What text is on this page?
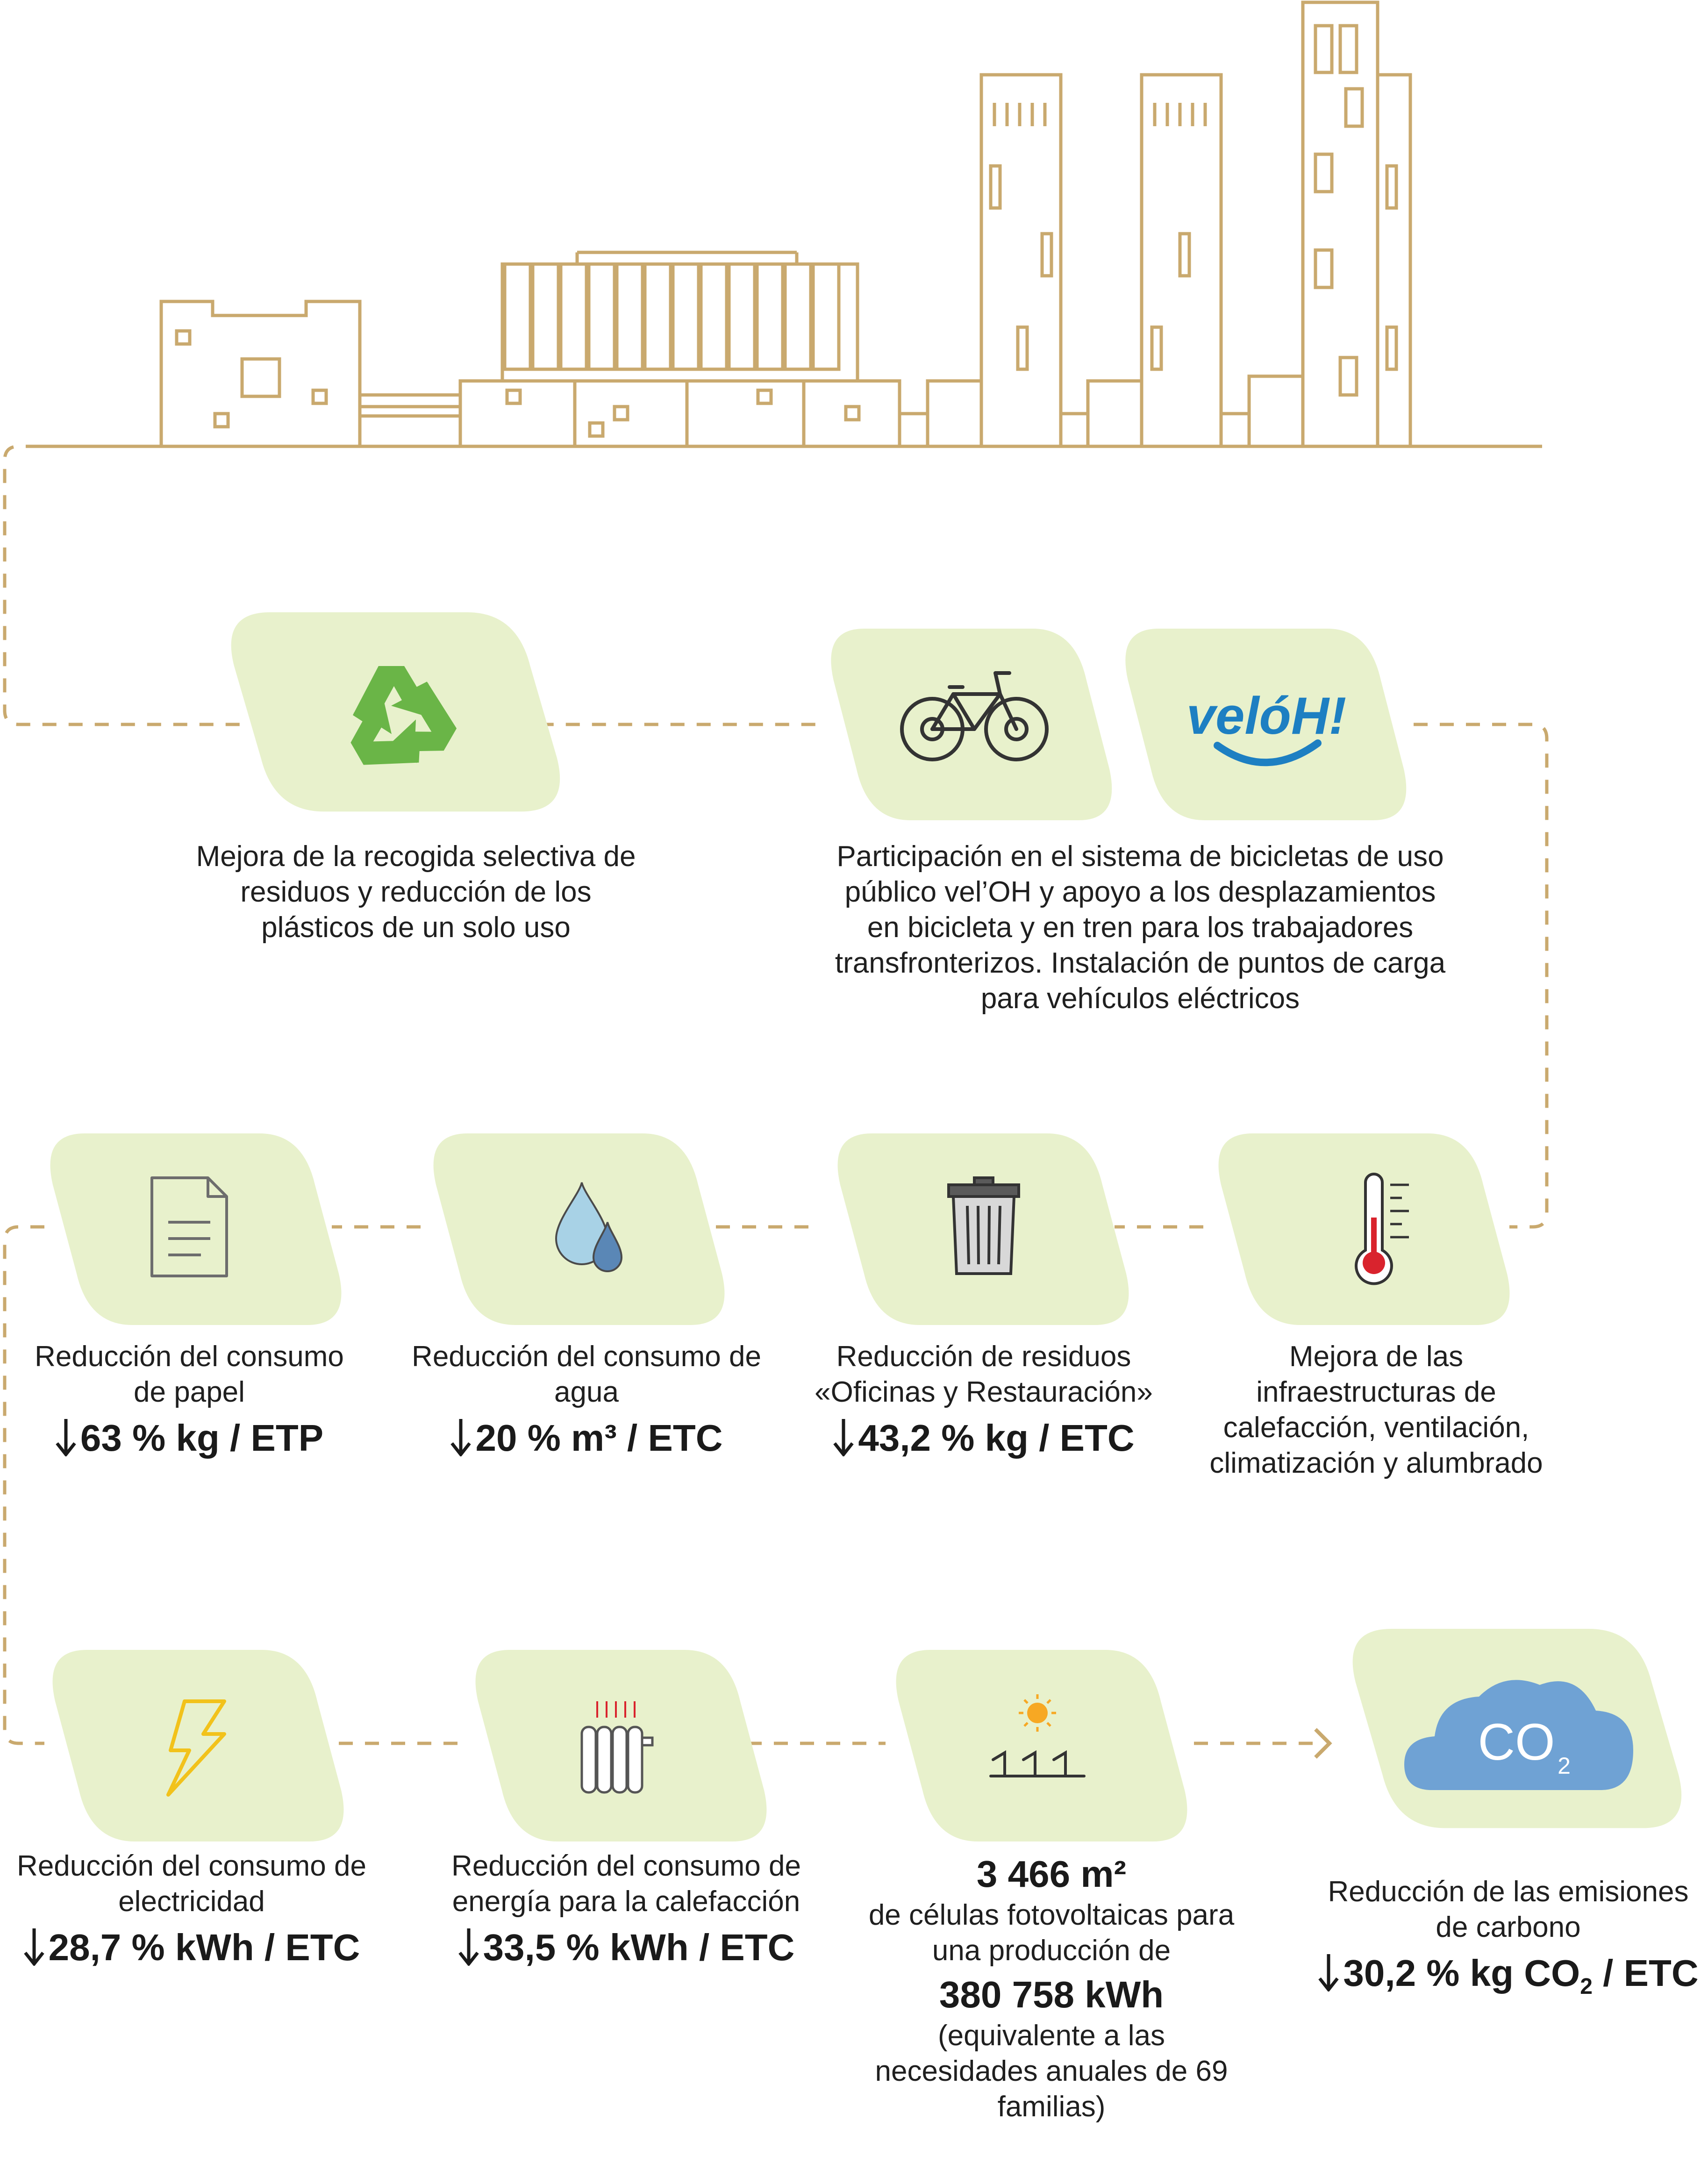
velóH!
CO 2
Mejora de la recogida selectiva de residuos y reducción de los plásticos de un solo uso
Participación en el sistema de bicicletas de uso público vel’OH y apoyo a los desplazamientos en bicicleta y en tren para los trabajadores transfronterizos. Instalación de puntos de carga para vehículos eléctricos
Reducción del consumo de papel
63 % kg / ETP
Reducción del consumo de agua
20 % m³ / ETC
Reducción de residuos «Oficinas y Restauración»
43,2 % kg / ETC
Mejora de las infraestructuras de calefacción, ventilación, climatización y alumbrado
Reducción del consumo de electricidad
28,7 % kWh / ETC
Reducción del consumo de energía para la calefacción
33,5 % kWh / ETC
3 466 m²
de células fotovoltaicas para una producción de
380 758 kWh
(equivalente a las necesidades anuales de 69 familias)
Reducción de las emisiones de carbono
30,2 % kg $CO_2$ / ETC
